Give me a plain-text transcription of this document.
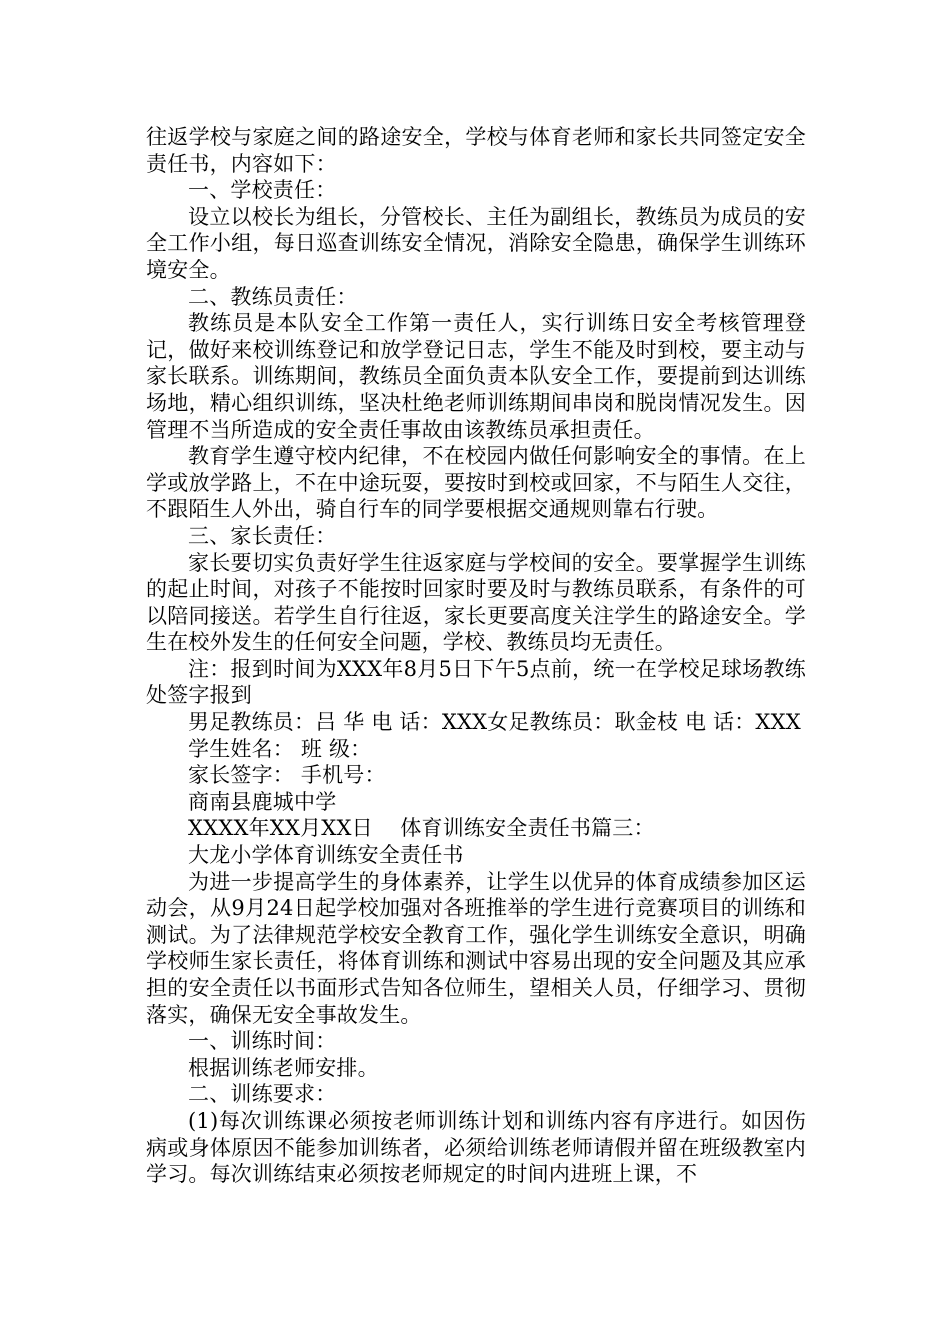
往返学校与家庭之间的路途安全，学校与体育老师和家长共同签定安全责任书，内容如下：

一、学校责任：

设立以校长为组长，分管校长、主任为副组长，教练员为成员的安全工作小组，每日巡查训练安全情况，消除安全隐患，确保学生训练环境安全。

二、教练员责任：

教练员是本队安全工作第一责任人，实行训练日安全考核管理登记，做好来校训练登记和放学登记日志，学生不能及时到校，要主动与家长联系。训练期间，教练员全面负责本队安全工作，要提前到达训练场地，精心组织训练，坚决杜绝老师训练期间串岗和脱岗情况发生。因管理不当所造成的安全责任事故由该教练员承担责任。

教育学生遵守校内纪律，不在校园内做任何影响安全的事情。在上学或放学路上，不在中途玩耍，要按时到校或回家，不与陌生人交往，不跟陌生人外出，骑自行车的同学要根据交通规则靠右行驶。

三、家长责任：

家长要切实负责好学生往返家庭与学校间的安全。要掌握学生训练的起止时间，对孩子不能按时回家时要及时与教练员联系，有条件的可以陪同接送。若学生自行往返，家长更要高度关注学生的路途安全。学生在校外发生的任何安全问题，学校、教练员均无责任。

注：报到时间为XXX年8月5日下午5点前，统一在学校足球场教练处签字报到

男足教练员：吕 华 电 话：XXX女足教练员：耿金枝 电 话：XXX

学生姓名： 班 级：

家长签字： 手机号：

商南县鹿城中学

XXXX年XX月XX日    体育训练安全责任书篇三：

大龙小学体育训练安全责任书

为进一步提高学生的身体素养，让学生以优异的体育成绩参加区运动会，从9月24日起学校加强对各班推举的学生进行竞赛项目的训练和测试。为了法律规范学校安全教育工作，强化学生训练安全意识，明确学校师生家长责任，将体育训练和测试中容易出现的安全问题及其应承担的安全责任以书面形式告知各位师生，望相关人员，仔细学习、贯彻落实，确保无安全事故发生。

一、训练时间：

根据训练老师安排。

二、训练要求：

(1)每次训练课必须按老师训练计划和训练内容有序进行。如因伤病或身体原因不能参加训练者，必须给训练老师请假并留在班级教室内学习。每次训练结束必须按老师规定的时间内进班上课，不
